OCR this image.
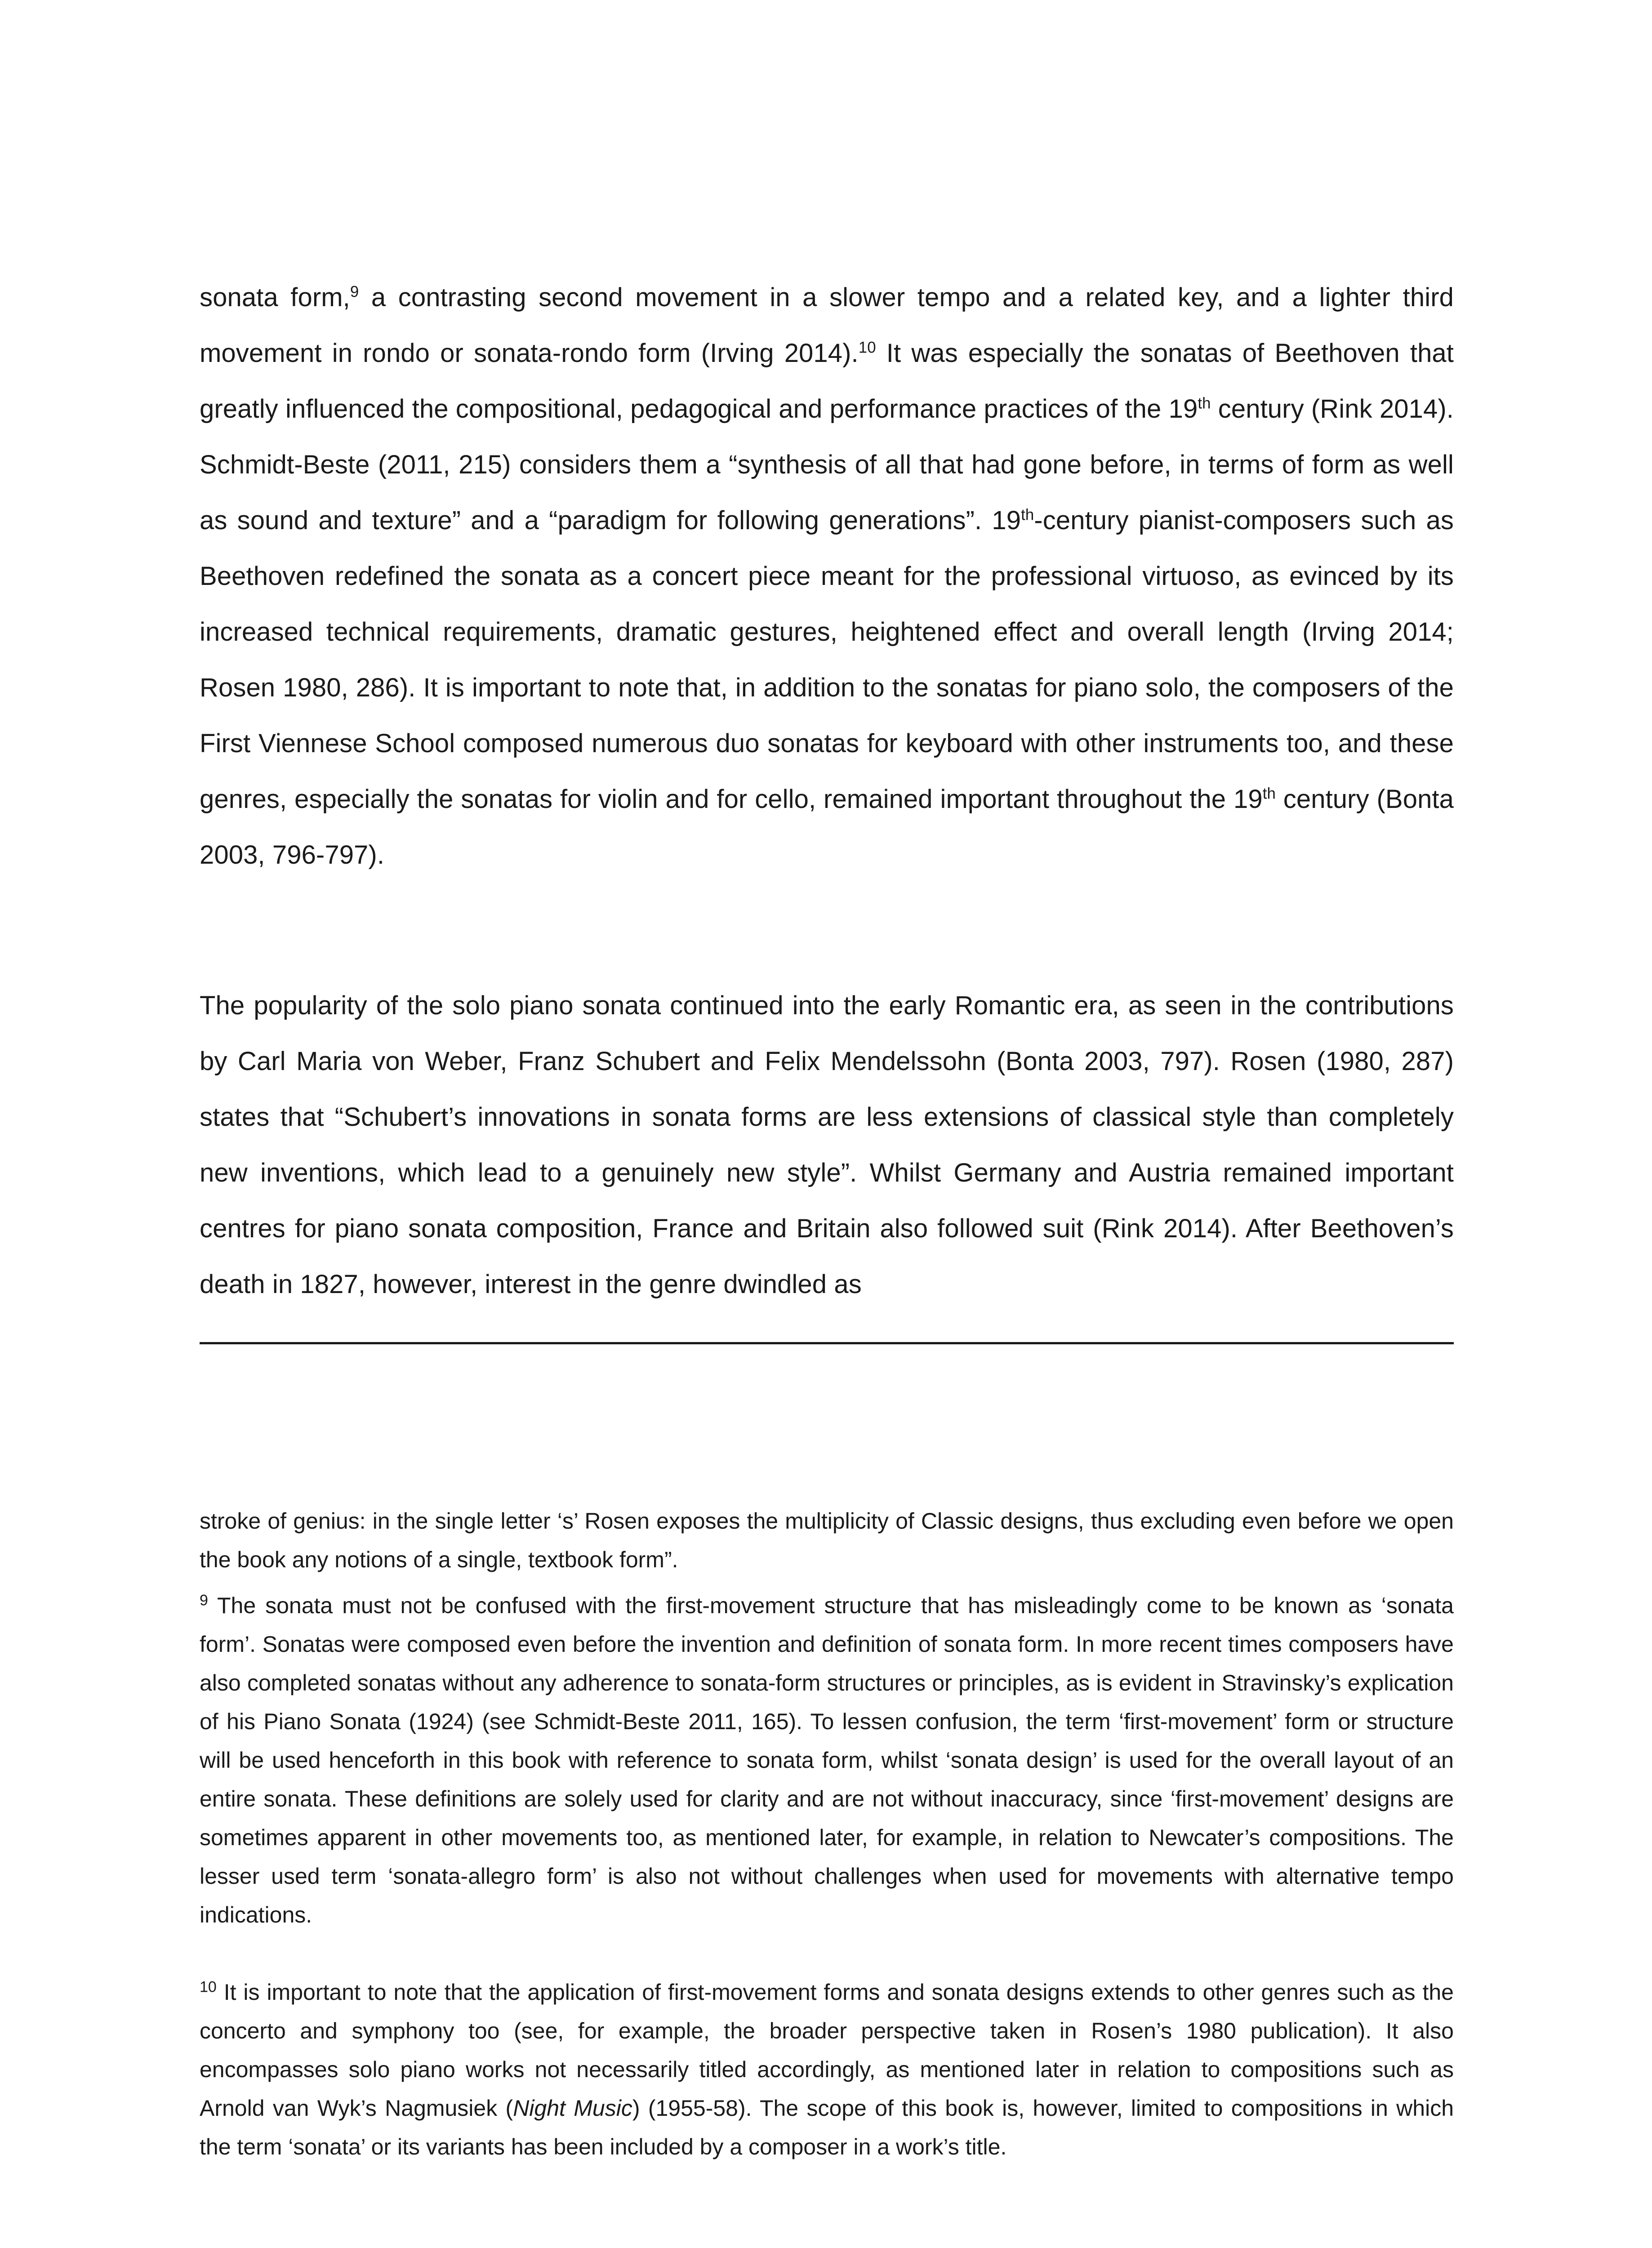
sonata form,$^9$ a contrasting second movement in a slower tempo and a related key, and a lighter third movement in rondo or sonata-rondo form (Irving 2014).$^{10}$ It was especially the sonatas of Beethoven that greatly influenced the compositional, pedagogical and performance practices of the 19th century (Rink 2014). Schmidt-Beste (2011, 215) considers them a “synthesis of all that had gone before, in terms of form as well as sound and texture” and a “paradigm for following generations”. 19th-century pianist-composers such as Beethoven redefined the sonata as a concert piece meant for the professional virtuoso, as evinced by its increased technical requirements, dramatic gestures, heightened effect and overall length (Irving 2014; Rosen 1980, 286). It is important to note that, in addition to the sonatas for piano solo, the composers of the First Viennese School composed numerous duo sonatas for keyboard with other instruments too, and these genres, especially the sonatas for violin and for cello, remained important throughout the 19th century (Bonta 2003, 796-797).

The popularity of the solo piano sonata continued into the early Romantic era, as seen in the contributions by Carl Maria von Weber, Franz Schubert and Felix Mendelssohn (Bonta 2003, 797). Rosen (1980, 287) states that “Schubert’s innovations in sonata forms are less extensions of classical style than completely new inventions, which lead to a genuinely new style”. Whilst Germany and Austria remained important centres for piano sonata composition, France and Britain also followed suit (Rink 2014). After Beethoven’s death in 1827, however, interest in the genre dwindled as

stroke of genius: in the single letter ‘s’ Rosen exposes the multiplicity of Classic designs, thus excluding even before we open the book any notions of a single, textbook form”.

$^9$ The sonata must not be confused with the first-movement structure that has misleadingly come to be known as ‘sonata form’. Sonatas were composed even before the invention and definition of sonata form. In more recent times composers have also completed sonatas without any adherence to sonata-form structures or principles, as is evident in Stravinsky’s explication of his Piano Sonata (1924) (see Schmidt-Beste 2011, 165). To lessen confusion, the term ‘first-movement’ form or structure will be used henceforth in this book with reference to sonata form, whilst ‘sonata design’ is used for the overall layout of an entire sonata. These definitions are solely used for clarity and are not without inaccuracy, since ‘first-movement’ designs are sometimes apparent in other movements too, as mentioned later, for example, in relation to Newcater’s compositions. The lesser used term ‘sonata-allegro form’ is also not without challenges when used for movements with alternative tempo indications.

$^{10}$ It is important to note that the application of first-movement forms and sonata designs extends to other genres such as the concerto and symphony too (see, for example, the broader perspective taken in Rosen’s 1980 publication). It also encompasses solo piano works not necessarily titled accordingly, as mentioned later in relation to compositions such as Arnold van Wyk’s Nagmusiek (Night Music) (1955-58). The scope of this book is, however, limited to compositions in which the term ‘sonata’ or its variants has been included by a composer in a work’s title.
